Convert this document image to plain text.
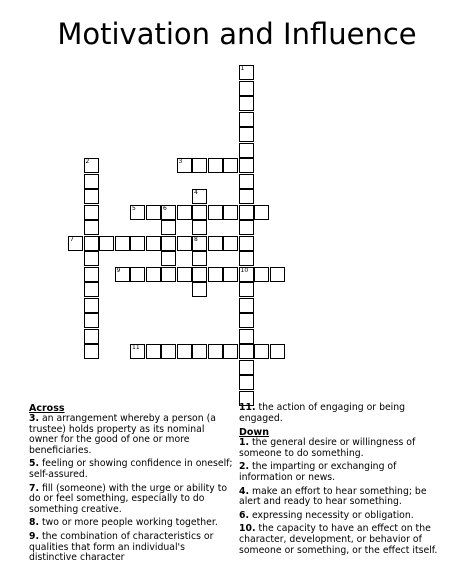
Motivation and Influence
1
2
4
8
6
10
3
5
7
9
11
Across
3. an arrangement whereby a person (a trustee) holds property as its nominal owner for the good of one or more beneficiaries.
5. feeling or showing confidence in oneself; self-assured.
7. fill (someone) with the urge or ability to do or feel something, especially to do something creative.
8. two or more people working together.
9. the combination of characteristics or qualities that form an individual's distinctive character
11. the action of engaging or being engaged.
Down
1. the general desire or willingness of someone to do something.
2. the imparting or exchanging of information or news.
4. make an effort to hear something; be alert and ready to hear something.
6. expressing necessity or obligation.
10. the capacity to have an effect on the character, development, or behavior of someone or something, or the effect itself.
